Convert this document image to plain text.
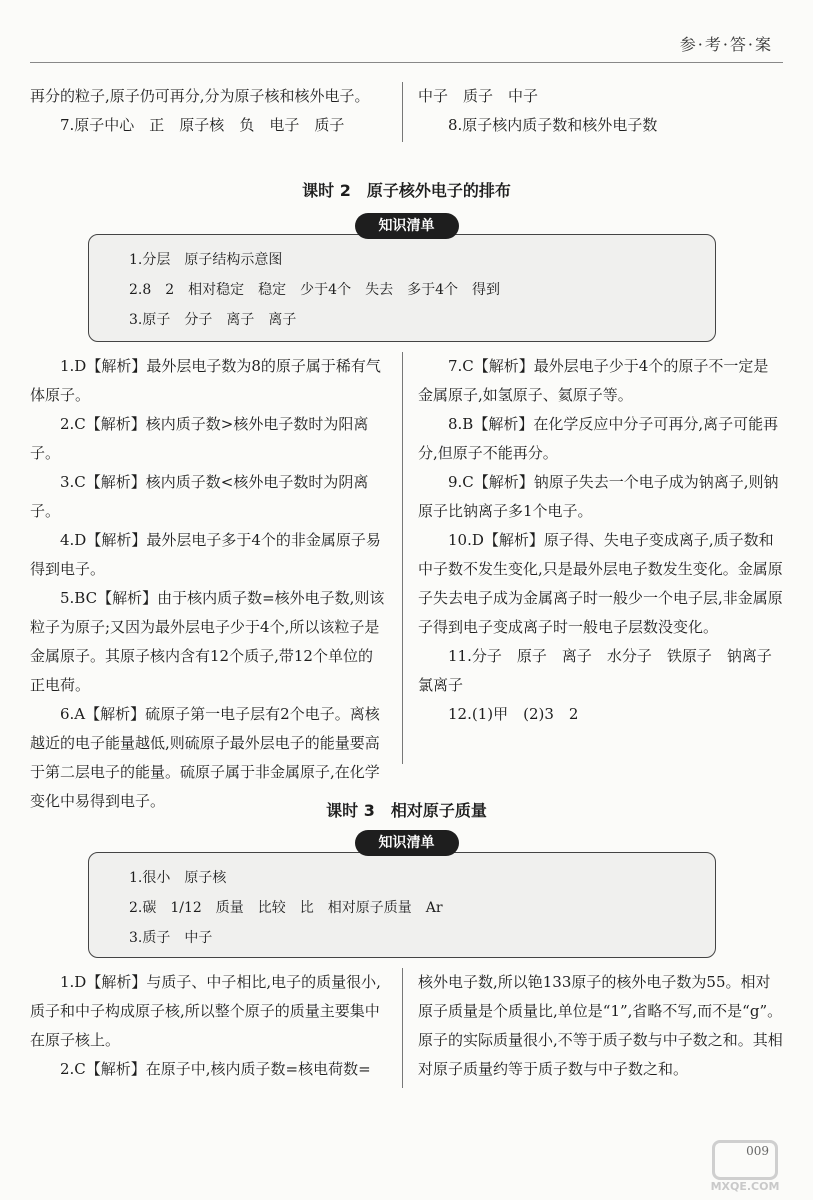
参·考·答·案

再分的粒子,原子仍可再分,分为原子核和核外电子。

7.原子中心　正　原子核　负　电子　质子

中子　质子　中子

8.原子核内质子数和核外电子数

课时 2　原子核外电子的排布
知识清单
1.分层　原子结构示意图
2.8　2　相对稳定　稳定　少于4个　失去　多于4个　得到
3.原子　分子　离子　离子

1.D【解析】最外层电子数为8的原子属于稀有气体原子。

2.C【解析】核内质子数>核外电子数时为阳离子。

3.C【解析】核内质子数<核外电子数时为阴离子。

4.D【解析】最外层电子多于4个的非金属原子易得到电子。

5.BC【解析】由于核内质子数=核外电子数,则该粒子为原子;又因为最外层电子少于4个,所以该粒子是金属原子。其原子核内含有12个质子,带12个单位的正电荷。

6.A【解析】硫原子第一电子层有2个电子。离核越近的电子能量越低,则硫原子最外层电子的能量要高于第二层电子的能量。硫原子属于非金属原子,在化学变化中易得到电子。

7.C【解析】最外层电子少于4个的原子不一定是金属原子,如氢原子、氦原子等。

8.B【解析】在化学反应中分子可再分,离子可能再分,但原子不能再分。

9.C【解析】钠原子失去一个电子成为钠离子,则钠原子比钠离子多1个电子。

10.D【解析】原子得、失电子变成离子,质子数和中子数不发生变化,只是最外层电子数发生变化。金属原子失去电子成为金属离子时一般少一个电子层,非金属原子得到电子变成离子时一般电子层数没变化。

11.分子　原子　离子　水分子　铁原子　钠离子　氯离子

12.(1)甲　(2)3　2

课时 3　相对原子质量
知识清单
1.很小　原子核
2.碳　1/12　质量　比较　比　相对原子质量　Ar
3.质子　中子

1.D【解析】与质子、中子相比,电子的质量很小,质子和中子构成原子核,所以整个原子的质量主要集中在原子核上。

2.C【解析】在原子中,核内质子数=核电荷数=

核外电子数,所以铯133原子的核外电子数为55。相对原子质量是个质量比,单位是“1”,省略不写,而不是“g”。原子的实际质量很小,不等于质子数与中子数之和。其相对原子质量约等于质子数与中子数之和。

009
MXQE.COM
